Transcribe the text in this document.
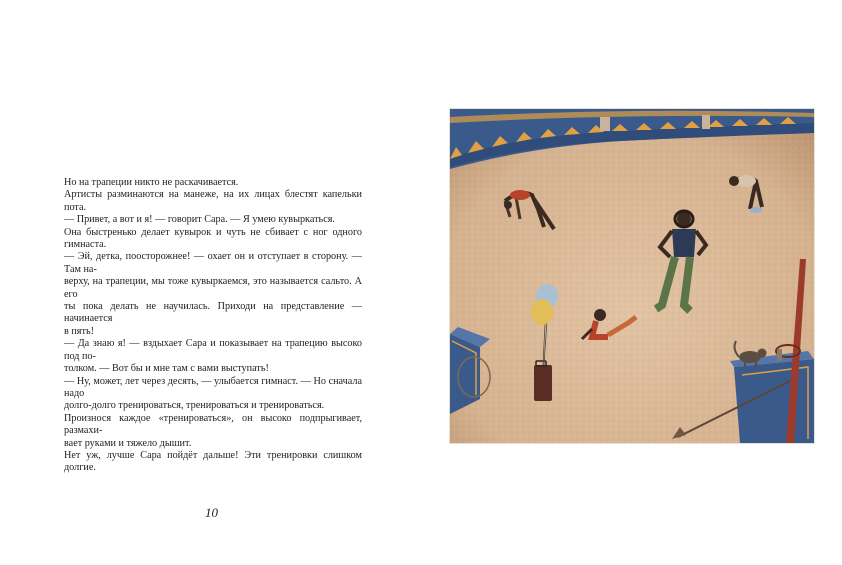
Но на трапеции никто не раскачивается.

Артисты разминаются на манеже, на их лицах блестят капельки пота.

— Привет, а вот и я! — говорит Сара. — Я умею кувыркаться.

Она быстренько делает кувырок и чуть не сбивает с ног одного гимнаста.

— Эй, детка, поосторожнее! — охает он и отступает в сторону. — Там на-

верху, на трапеции, мы тоже кувыркаемся, это называется сальто. А его

ты пока делать не научилась. Приходи на представление — начинается

в пять!

— Да знаю я! — вздыхает Сара и показывает на трапецию высоко под по-

толком. — Вот бы и мне там с вами выступать!

— Ну, может, лет через десять, — улыбается гимнаст. — Но сначала надо

долго-долго тренироваться, тренироваться и тренироваться.

Произнося каждое «тренироваться», он высоко подпрыгивает, размахи-

вает руками и тяжело дышит.

Нет уж, лучше Сара пойдёт дальше! Эти тренировки слишком долгие.

10
